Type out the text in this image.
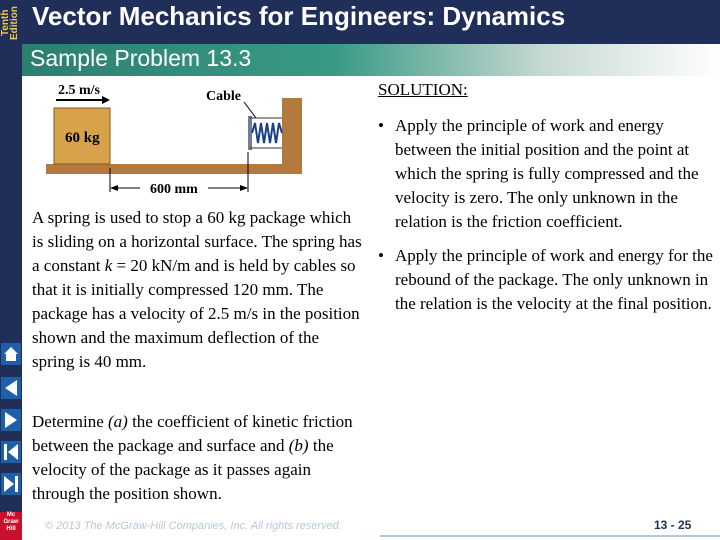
Tenth
Edition Vector Mechanics for Engineers: Dynamics
Sample Problem 13.3
Mc Graw Hill
2.5 m/s	Cable
60 kg
600 mm
A spring is used to stop a 60 kg package which is sliding on a horizontal surface. The spring has a constant k = 20 kN/m and is held by cables so that it is initially compressed 120 mm. The package has a velocity of 2.5 m/s in the position shown and the maximum deflection of the spring is 40 mm.
Determine (a) the coefficient of kinetic friction between the package and surface and (b) the velocity of the package as it passes again through the position shown.
SOLUTION:
• Apply the principle of work and energy between the initial position and the point at which the spring is fully compressed and the velocity is zero. The only unknown in the relation is the friction coefficient.
• Apply the principle of work and energy for the rebound of the package. The only unknown in the relation is the velocity at the final position.
© 2013 The McGraw-Hill Companies, Inc. All rights reserved.	13 - 25
